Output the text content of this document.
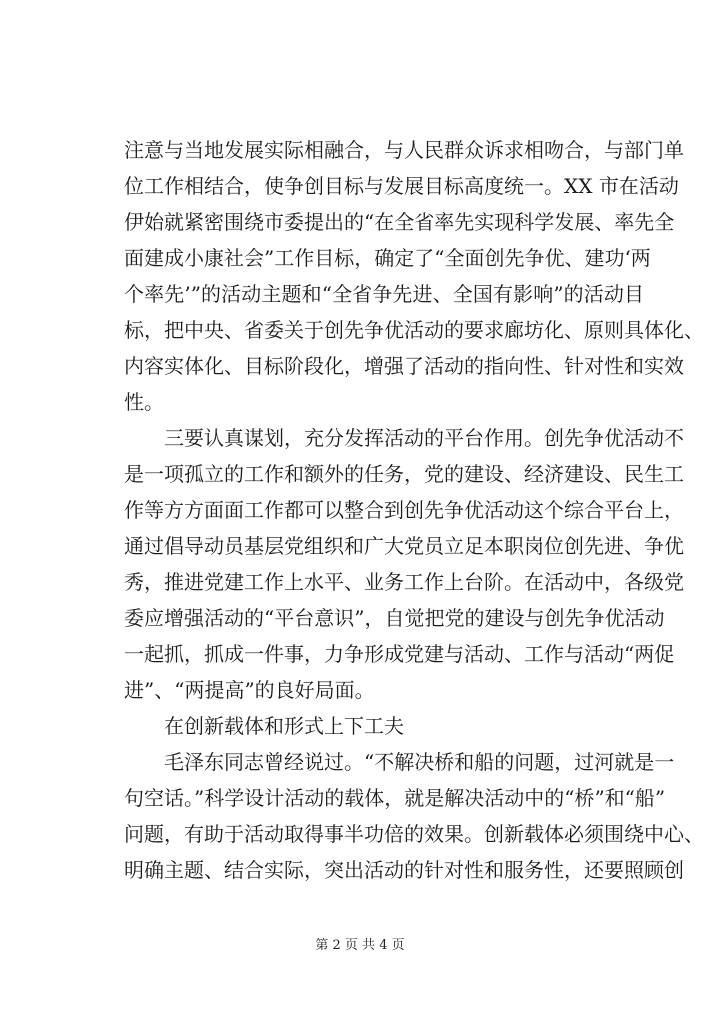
注意与当地发展实际相融合，与人民群众诉求相吻合，与部门单
位工作相结合，使争创目标与发展目标高度统一。XX 市在活动
伊始就紧密围绕市委提出的“在全省率先实现科学发展、率先全
面建成小康社会”工作目标，确定了“全面创先争优、建功‘两
个率先’”的活动主题和“全省争先进、全国有影响”的活动目
标，把中央、省委关于创先争优活动的要求廊坊化、原则具体化、
内容实体化、目标阶段化，增强了活动的指向性、针对性和实效
性。
三要认真谋划，充分发挥活动的平台作用。创先争优活动不
是一项孤立的工作和额外的任务，党的建设、经济建设、民生工
作等方方面面工作都可以整合到创先争优活动这个综合平台上，
通过倡导动员基层党组织和广大党员立足本职岗位创先进、争优
秀，推进党建工作上水平、业务工作上台阶。在活动中，各级党
委应增强活动的“平台意识”，自觉把党的建设与创先争优活动
一起抓，抓成一件事，力争形成党建与活动、工作与活动“两促
进”、“两提高”的良好局面。
在创新载体和形式上下工夫
毛泽东同志曾经说过。“不解决桥和船的问题，过河就是一
句空话。”科学设计活动的载体，就是解决活动中的“桥”和“船”
问题，有助于活动取得事半功倍的效果。创新载体必须围绕中心、
明确主题、结合实际，突出活动的针对性和服务性，还要照顾创
第 2 页 共 4 页
